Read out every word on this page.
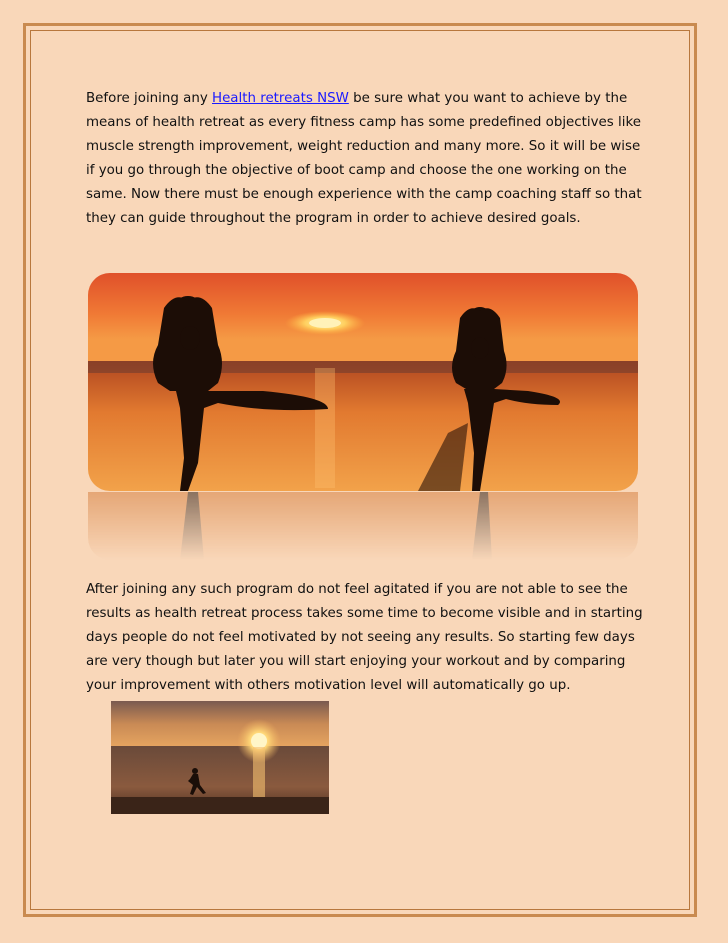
Before joining any Health retreats NSW be sure what you want to achieve by the means of health retreat as every fitness camp has some predefined objectives like muscle strength improvement, weight reduction and many more. So it will be wise if you go through the objective of boot camp and choose the one working on the same. Now there must be enough experience with the camp coaching staff so that they can guide throughout the program in order to achieve desired goals.

After joining any such program do not feel agitated if you are not able to see the results as health retreat process takes some time to become visible and in starting days people do not feel motivated by not seeing any results. So starting few days are very though but later you will start enjoying your workout and by comparing your improvement with others motivation level will automatically go up.
